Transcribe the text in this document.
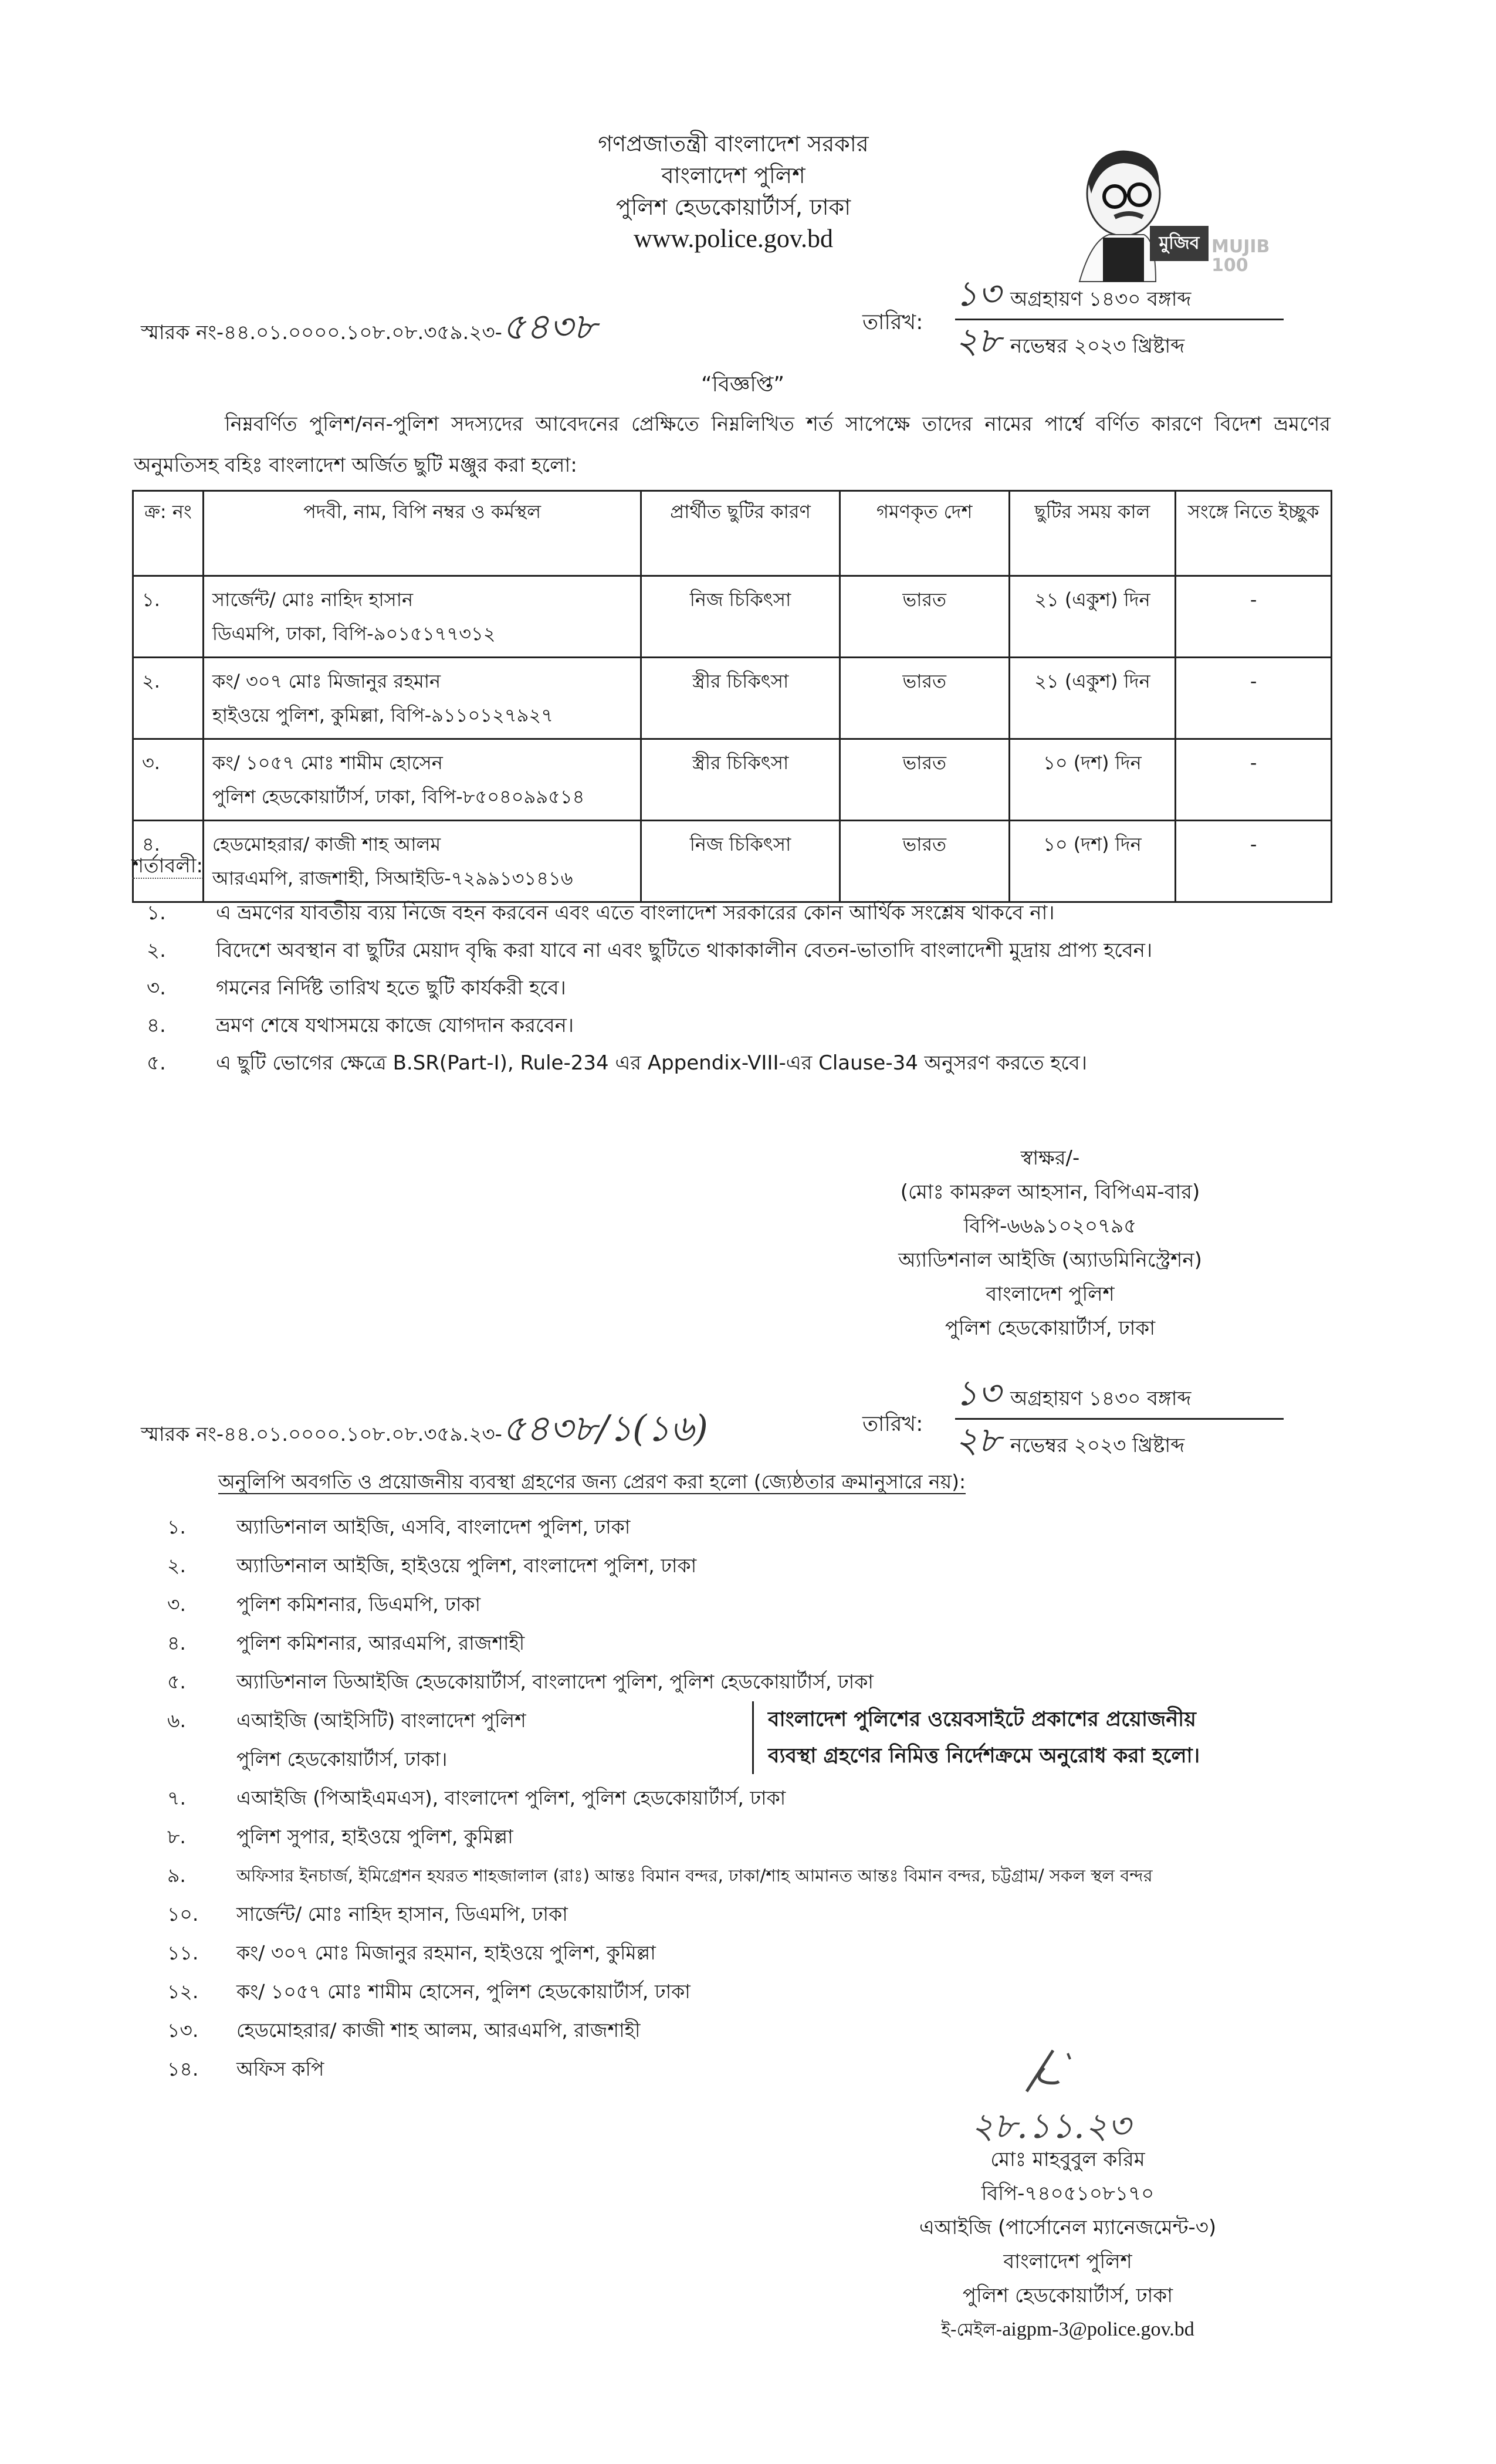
গণপ্রজাতন্ত্রী বাংলাদেশ সরকার
বাংলাদেশ পুলিশ
পুলিশ হেডকোয়ার্টার্স, ঢাকা
www.police.gov.bd	মুজিব শতবর্ষ
MUJIB 100
স্মারক নং-৪৪.০১.০০০০.১০৮.০৮.৩৫৯.২৩-৫৪৩৮	তারিখ:
১৩ অগ্রহায়ণ ১৪৩০ বঙ্গাব্দ
২৮ নভেম্বর ২০২৩ খ্রিষ্টাব্দ
“বিজ্ঞপ্তি”
নিম্নবর্ণিত পুলিশ/নন-পুলিশ সদস্যদের আবেদনের প্রেক্ষিতে নিম্নলিখিত শর্ত সাপেক্ষে তাদের নামের পার্শ্বে বর্ণিত কারণে বিদেশ ভ্রমণের অনুমতিসহ বহিঃ বাংলাদেশ অর্জিত ছুটি মঞ্জুর করা হলো:
ক্র: নং	পদবী, নাম, বিপি নম্বর ও কর্মস্থল	প্রার্থীত ছুটির কারণ	গমণকৃত দেশ	ছুটির সময় কাল	সংঙ্গে নিতে ইচ্ছুক
১.	সার্জেন্ট/ মোঃ নাহিদ হাসান
ডিএমপি, ঢাকা, বিপি-৯০১৫১৭৭৩১২	নিজ চিকিৎসা	ভারত	২১ (একুশ) দিন	-
২.	কং/ ৩০৭ মোঃ মিজানুর রহমান
হাইওয়ে পুলিশ, কুমিল্লা, বিপি-৯১১০১২৭৯২৭	স্ত্রীর চিকিৎসা	ভারত	২১ (একুশ) দিন	-
৩.	কং/ ১০৫৭ মোঃ শামীম হোসেন
পুলিশ হেডকোয়ার্টার্স, ঢাকা, বিপি-৮৫০৪০৯৯৫১৪	স্ত্রীর চিকিৎসা	ভারত	১০ (দশ) দিন	-
৪.	হেডমোহরার/ কাজী শাহ আলম
আরএমপি, রাজশাহী, সিআইডি-৭২৯৯১৩১৪১৬	নিজ চিকিৎসা	ভারত	১০ (দশ) দিন	-
শর্তাবলী:
১.	এ ভ্রমণের যাবতীয় ব্যয় নিজে বহন করবেন এবং এতে বাংলাদেশ সরকারের কোন আর্থিক সংশ্লেষ থাকবে না।
২.	বিদেশে অবস্থান বা ছুটির মেয়াদ বৃদ্ধি করা যাবে না এবং ছুটিতে থাকাকালীন বেতন-ভাতাদি বাংলাদেশী মুদ্রায় প্রাপ্য হবেন।
৩.	গমনের নির্দিষ্ট তারিখ হতে ছুটি কার্যকরী হবে।
৪.	ভ্রমণ শেষে যথাসময়ে কাজে যোগদান করবেন।
৫.	এ ছুটি ভোগের ক্ষেত্রে B.SR(Part-I), Rule-234 এর Appendix-VIII-এর Clause-34 অনুসরণ করতে হবে।
স্বাক্ষর/-
(মোঃ কামরুল আহসান, বিপিএম-বার)
বিপি-৬৬৯১০২০৭৯৫
অ্যাডিশনাল আইজি (অ্যাডমিনিস্ট্রেশন)
বাংলাদেশ পুলিশ
পুলিশ হেডকোয়ার্টার্স, ঢাকা
স্মারক নং-৪৪.০১.০০০০.১০৮.০৮.৩৫৯.২৩-৫৪৩৮/১(১৬)	তারিখ:
১৩ অগ্রহায়ণ ১৪৩০ বঙ্গাব্দ
২৮ নভেম্বর ২০২৩ খ্রিষ্টাব্দ
অনুলিপি অবগতি ও প্রয়োজনীয় ব্যবস্থা গ্রহণের জন্য প্রেরণ করা হলো (জ্যেষ্ঠতার ক্রমানুসারে নয়):
১.	অ্যাডিশনাল আইজি, এসবি, বাংলাদেশ পুলিশ, ঢাকা
২.	অ্যাডিশনাল আইজি, হাইওয়ে পুলিশ, বাংলাদেশ পুলিশ, ঢাকা
৩.	পুলিশ কমিশনার, ডিএমপি, ঢাকা
৪.	পুলিশ কমিশনার, আরএমপি, রাজশাহী
৫.	অ্যাডিশনাল ডিআইজি হেডকোয়ার্টার্স, বাংলাদেশ পুলিশ, পুলিশ হেডকোয়ার্টার্স, ঢাকা
৬.	এআইজি (আইসিটি) বাংলাদেশ পুলিশ
পুলিশ হেডকোয়ার্টার্স, ঢাকা।
৭.	এআইজি (পিআইএমএস), বাংলাদেশ পুলিশ, পুলিশ হেডকোয়ার্টার্স, ঢাকা
৮.	পুলিশ সুপার, হাইওয়ে পুলিশ, কুমিল্লা
৯.	অফিসার ইনচার্জ, ইমিগ্রেশন হযরত শাহজালাল (রাঃ) আন্তঃ বিমান বন্দর, ঢাকা/শাহ আমানত আন্তঃ বিমান বন্দর, চট্টগ্রাম/ সকল স্থল বন্দর
১০.	সার্জেন্ট/ মোঃ নাহিদ হাসান, ডিএমপি, ঢাকা
১১.	কং/ ৩০৭ মোঃ মিজানুর রহমান, হাইওয়ে পুলিশ, কুমিল্লা
১২.	কং/ ১০৫৭ মোঃ শামীম হোসেন, পুলিশ হেডকোয়ার্টার্স, ঢাকা
১৩.	হেডমোহরার/ কাজী শাহ আলম, আরএমপি, রাজশাহী
১৪.	অফিস কপি
বাংলাদেশ পুলিশের ওয়েবসাইটে প্রকাশের প্রয়োজনীয়
ব্যবস্থা গ্রহণের নিমিত্ত নির্দেশক্রমে অনুরোধ করা হলো।
২৮.১১.২৩
মোঃ মাহবুবুল করিম
বিপি-৭৪০৫১০৮১৭০
এআইজি (পার্সোনেল ম্যানেজমেন্ট-৩)
বাংলাদেশ পুলিশ
পুলিশ হেডকোয়ার্টার্স, ঢাকা
ই-মেইল-aigpm-3@police.gov.bd
